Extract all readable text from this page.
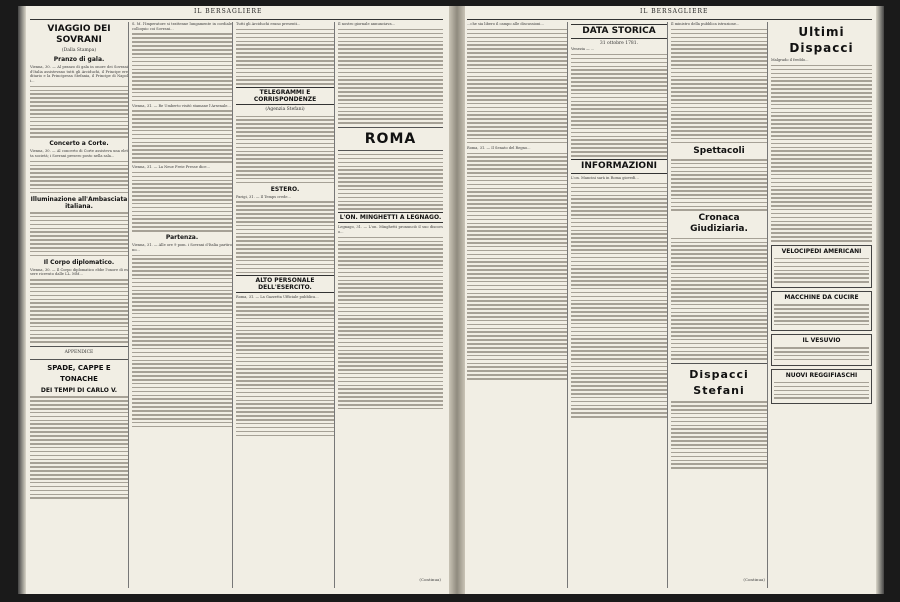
IL BERSAGLIERE
VIAGGIO DEI SOVRANI
(Dalla Stampa)
Pranzo di gala.
Vienna, 30. — Al pranzo di gala in onore dei Sovrani d'Italia assistevano tutti gli Arciduchi, il Principe ereditario e la Principessa Stefania, il Principe di Napoli...
Concerto a Corte.
Vienna, 30. — Al concerto di Corte assisteva una eletta società; i Sovrani presero posto nella sala...
Illuminazione all'Ambasciata italiana.
Il Corpo diplomatico.
Vienna, 30. — Il Corpo diplomatico ebbe l'onore di essere ricevuto dalle LL. MM...
APPENDICE
SPADE, CAPPE E TONACHE
DEI TEMPI DI CARLO V.
S. M. l'Imperatore si trattenne lungamente in cordiale colloquio coi Sovrani...
Vienna, 31. — Re Umberto visitò stamane l'Arsenale...
Vienna, 31. — La Neue Freie Presse dice...
Partenza.
Vienna, 31. — Alle ore 9 pom. i Sovrani d'Italia partirono...
Tutti gli Arciduchi erano presenti...
TELEGRAMMI E CORRISPONDENZE
(Agenzia Stefani)
ESTERO.
Parigi, 31. — Il Temps crede...
ALTO PERSONALE DELL'ESERCITO.
Roma, 31. — La Gazzetta Ufficiale pubblica...
Il nostro giornale annunciava...
ROMA
L'ON. MINGHETTI A LEGNAGO.
Legnago, 31. — L'on. Minghetti pronunciò il suo discorso...
(Continua)
IL BERSAGLIERE
...che sia libero il campo alle discussioni...
Roma, 31. — Il Senato del Regno...
DATA STORICA
31 ottobre 1781.
Venezia — ...
INFORMAZIONI
L'on. Mancini sarà in Roma giovedì...
Il ministro della pubblica istruzione...
Spettacoli
Cronaca Giudiziaria.
Dispacci Stefani
(Continua)
Ultimi Dispacci
Malgrado il freddo...
VELOCIPEDI AMERICANI
MACCHINE DA CUCIRE
IL VESUVIO
NUOVI REGGIFIASCHI
